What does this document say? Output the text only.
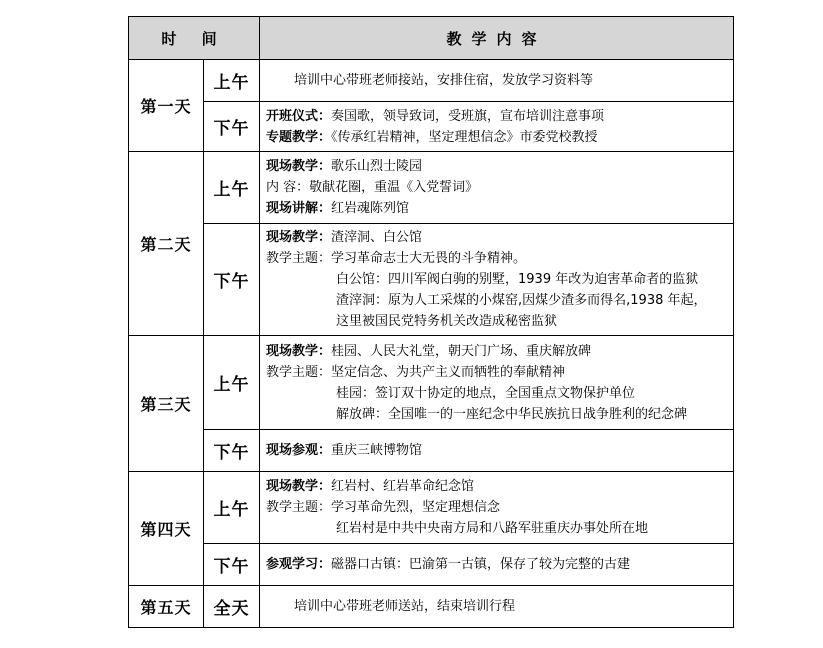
时 间		教学内容
第一天	上午	培训中心带班老师接站，安排住宿，发放学习资料等

	下午	开班仪式：奏国歌，领导致词，受班旗，宣布培训注意事项
专题教学：《传承红岩精神，坚定理想信念》市委党校教授

第二天	上午	现场教学：歌乐山烈士陵园
内 容：敬献花圈，重温《入党誓词》
现场讲解：红岩魂陈列馆

	下午	现场教学：渣滓洞、白公馆
教学主题：学习革命志士大无畏的斗争精神。
白公馆：四川军阀白驹的别墅，1939 年改为迫害革命者的监狱
渣滓洞：原为人工采煤的小煤窑,因煤少渣多而得名,1938 年起，
这里被国民党特务机关改造成秘密监狱

第三天	上午	现场教学：桂园、人民大礼堂，朝天门广场、重庆解放碑
教学主题：坚定信念、为共产主义而牺牲的奉献精神
桂园：签订双十协定的地点，全国重点文物保护单位
解放碑：全国唯一的一座纪念中华民族抗日战争胜利的纪念碑

	下午	现场参观：重庆三峡博物馆

第四天	上午	现场教学：红岩村、红岩革命纪念馆
教学主题：学习革命先烈，坚定理想信念
红岩村是中共中央南方局和八路军驻重庆办事处所在地

	下午	参观学习：磁器口古镇：巴渝第一古镇，保存了较为完整的古建

第五天	全天	培训中心带班老师送站，结束培训行程
